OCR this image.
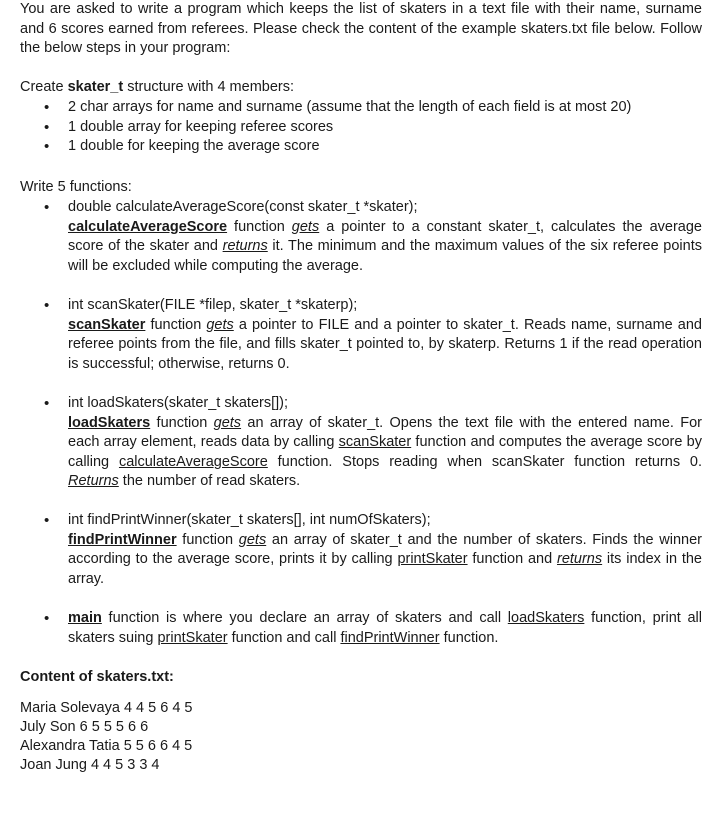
You are asked to write a program which keeps the list of skaters in a text file with their name, surname and 6 scores earned from referees. Please check the content of the example skaters.txt file below. Follow the below steps in your program:
Create skater_t structure with 4 members:
• 2 char arrays for name and surname (assume that the length of each field is at most 20)
• 1 double array for keeping referee scores
• 1 double for keeping the average score
Write 5 functions:
• double calculateAverageScore(const skater_t *skater);
calculateAverageScore function gets a pointer to a constant skater_t, calculates the average score of the skater and returns it. The minimum and the maximum values of the six referee points will be excluded while computing the average.
• int scanSkater(FILE *filep, skater_t *skaterp);
scanSkater function gets a pointer to FILE and a pointer to skater_t. Reads name, surname and referee points from the file, and fills skater_t pointed to, by skaterp. Returns 1 if the read operation is successful; otherwise, returns 0.
• int loadSkaters(skater_t skaters[]);
loadSkaters function gets an array of skater_t. Opens the text file with the entered name. For each array element, reads data by calling scanSkater function and computes the average score by calling calculateAverageScore function. Stops reading when scanSkater function returns 0. Returns the number of read skaters.
• int findPrintWinner(skater_t skaters[], int numOfSkaters);
findPrintWinner function gets an array of skater_t and the number of skaters. Finds the winner according to the average score, prints it by calling printSkater function and returns its index in the array.
• main function is where you declare an array of skaters and call loadSkaters function, print all skaters suing printSkater function and call findPrintWinner function.
Content of skaters.txt:
Maria Solevaya 4 4 5 6 4 5
July Son 6 5 5 5 6 6
Alexandra Tatia 5 5 6 6 4 5
Joan Jung 4 4 5 3 3 4
